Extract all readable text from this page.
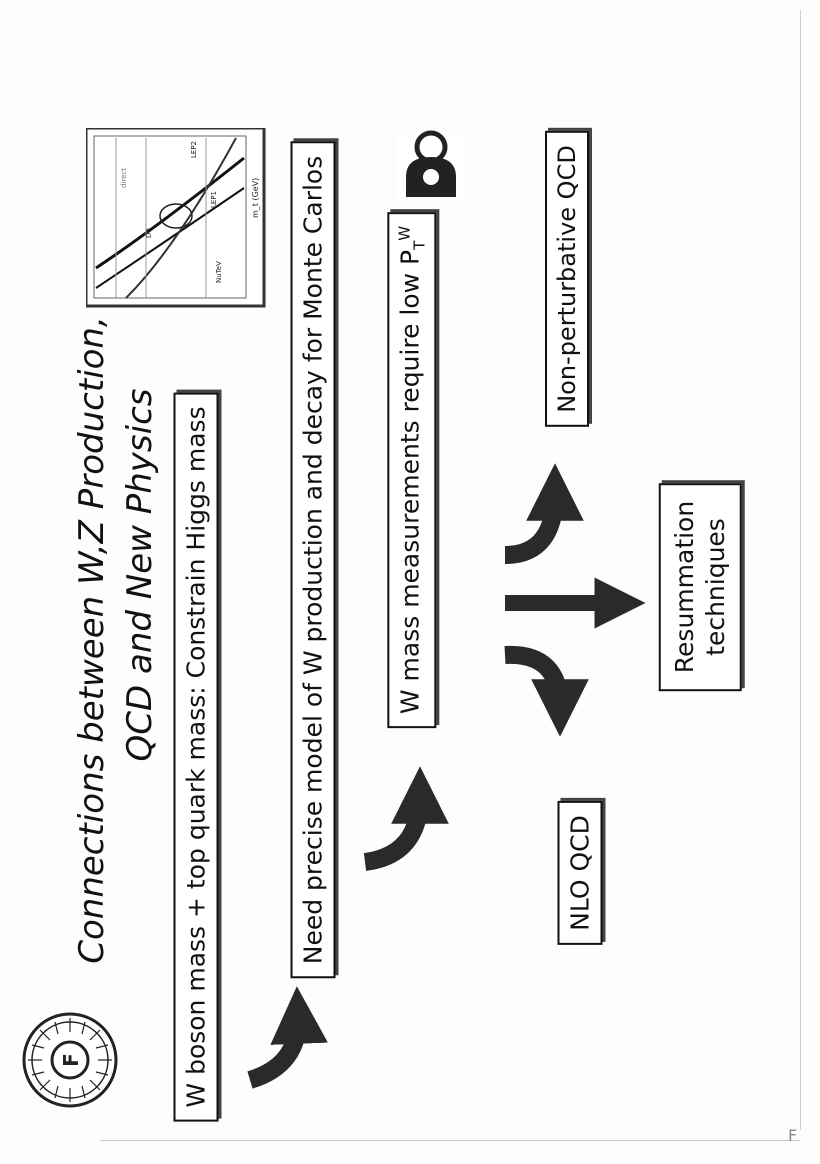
F
Connections between W,Z Production, QCD and New Physics W boson mass + top quark mass: Constrain Higgs mass	Need precise model of W production and decay for Monte Carlos	W mass measurements require low $P_T^W$
NLO QCD
Resummation techniques
Non-perturbative QCD
m_t (GeV)
LEP2
LEP1
NuTeV
D0
direct
F
